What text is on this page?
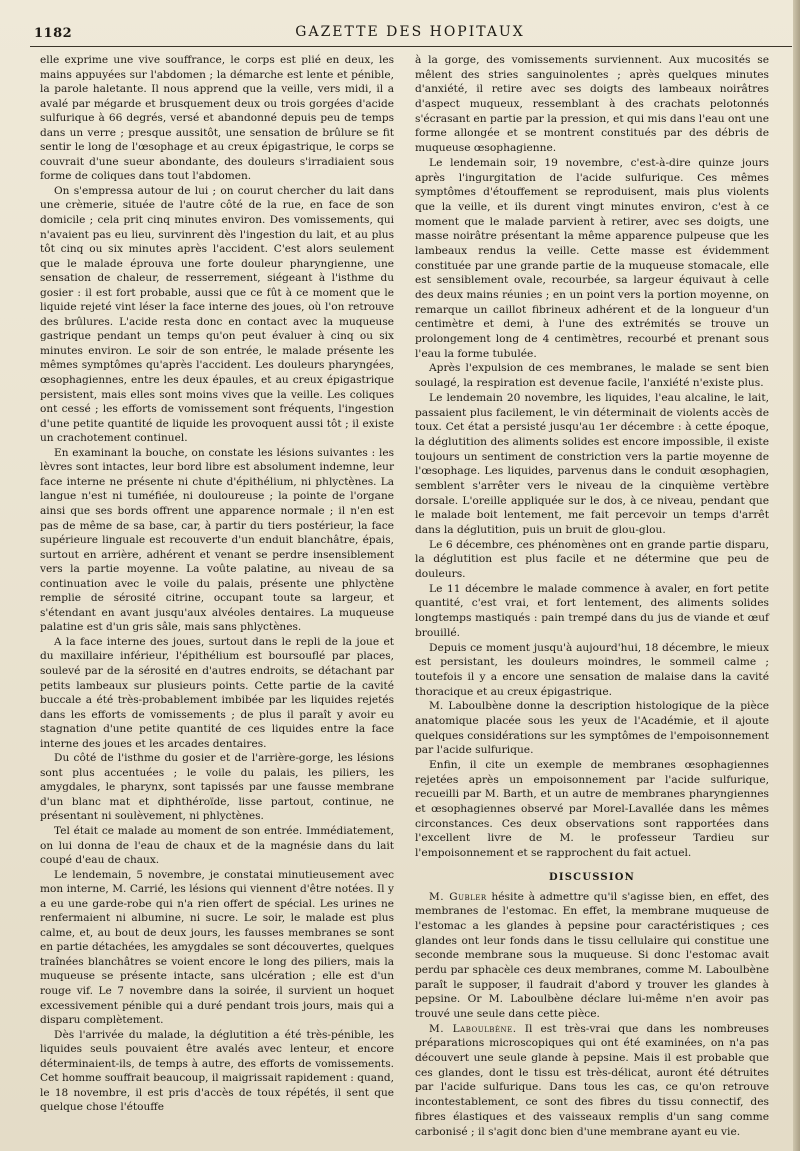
1182	GAZETTE DES HOPITAUX

elle exprime une vive souffrance, le corps est plié en deux, les mains appuyées sur l'abdomen ; la démarche est lente et pénible, la parole haletante. Il nous apprend que la veille, vers midi, il a avalé par mégarde et brusquement deux ou trois gorgées d'acide sulfurique à 66 degrés, versé et abandonné depuis peu de temps dans un verre ; presque aussitôt, une sensation de brûlure se fit sentir le long de l'œsophage et au creux épigastrique, le corps se couvrait d'une sueur abondante, des douleurs s'irradiaient sous forme de coliques dans tout l'abdomen.

On s'empressa autour de lui ; on courut chercher du lait dans une crèmerie, située de l'autre côté de la rue, en face de son domicile ; cela prit cinq minutes environ. Des vomissements, qui n'avaient pas eu lieu, survinrent dès l'ingestion du lait, et au plus tôt cinq ou six minutes après l'accident. C'est alors seulement que le malade éprouva une forte douleur pharyngienne, une sensation de chaleur, de resserrement, siégeant à l'isthme du gosier : il est fort probable, aussi que ce fût à ce moment que le liquide rejeté vint léser la face interne des joues, où l'on retrouve des brûlures. L'acide resta donc en contact avec la muqueuse gastrique pendant un temps qu'on peut évaluer à cinq ou six minutes environ. Le soir de son entrée, le malade présente les mêmes symptômes qu'après l'accident. Les douleurs pharyngées, œsophagiennes, entre les deux épaules, et au creux épigastrique persistent, mais elles sont moins vives que la veille. Les coliques ont cessé ; les efforts de vomissement sont fréquents, l'ingestion d'une petite quantité de liquide les provoquent aussi tôt ; il existe un crachotement continuel.

En examinant la bouche, on constate les lésions suivantes : les lèvres sont intactes, leur bord libre est absolument indemne, leur face interne ne présente ni chute d'épithélium, ni phlyctènes. La langue n'est ni tuméfiée, ni douloureuse ; la pointe de l'organe ainsi que ses bords offrent une apparence normale ; il n'en est pas de même de sa base, car, à partir du tiers postérieur, la face supérieure linguale est recouverte d'un enduit blanchâtre, épais, surtout en arrière, adhérent et venant se perdre insensiblement vers la partie moyenne. La voûte palatine, au niveau de sa continuation avec le voile du palais, présente une phlyctène remplie de sérosité citrine, occupant toute sa largeur, et s'étendant en avant jusqu'aux alvéoles dentaires. La muqueuse palatine est d'un gris sâle, mais sans phlyctènes.

A la face interne des joues, surtout dans le repli de la joue et du maxillaire inférieur, l'épithélium est boursouflé par places, soulevé par de la sérosité en d'autres endroits, se détachant par petits lambeaux sur plusieurs points. Cette partie de la cavité buccale a été très-probablement imbibée par les liquides rejetés dans les efforts de vomissements ; de plus il paraît y avoir eu stagnation d'une petite quantité de ces liquides entre la face interne des joues et les arcades dentaires.

Du côté de l'isthme du gosier et de l'arrière-gorge, les lésions sont plus accentuées ; le voile du palais, les piliers, les amygdales, le pharynx, sont tapissés par une fausse membrane d'un blanc mat et diphthéroïde, lisse partout, continue, ne présentant ni soulèvement, ni phlyctènes.

Tel était ce malade au moment de son entrée. Immédiatement, on lui donna de l'eau de chaux et de la magnésie dans du lait coupé d'eau de chaux.

Le lendemain, 5 novembre, je constatai minutieusement avec mon interne, M. Carrié, les lésions qui viennent d'être notées. Il y a eu une garde-robe qui n'a rien offert de spécial. Les urines ne renfermaient ni albumine, ni sucre. Le soir, le malade est plus calme, et, au bout de deux jours, les fausses membranes se sont en partie détachées, les amygdales se sont découvertes, quelques traînées blanchâtres se voient encore le long des piliers, mais la muqueuse se présente intacte, sans ulcération ; elle est d'un rouge vif. Le 7 novembre dans la soirée, il survient un hoquet excessivement pénible qui a duré pendant trois jours, mais qui a disparu complètement.

Dès l'arrivée du malade, la déglutition a été très-pénible, les liquides seuls pouvaient être avalés avec lenteur, et encore déterminaient-ils, de temps à autre, des efforts de vomissements. Cet homme souffrait beaucoup, il maigrissait rapidement : quand, le 18 novembre, il est pris d'accès de toux répétés, il sent que quelque chose l'étouffe

à la gorge, des vomissements surviennent. Aux mucosités se mêlent des stries sanguinolentes ; après quelques minutes d'anxiété, il retire avec ses doigts des lambeaux noirâtres d'aspect muqueux, ressemblant à des crachats pelotonnés s'écrasant en partie par la pression, et qui mis dans l'eau ont une forme allongée et se montrent constitués par des débris de muqueuse œsophagienne.

Le lendemain soir, 19 novembre, c'est-à-dire quinze jours après l'ingurgitation de l'acide sulfurique. Ces mêmes symptômes d'étouffement se reproduisent, mais plus violents que la veille, et ils durent vingt minutes environ, c'est à ce moment que le malade parvient à retirer, avec ses doigts, une masse noirâtre présentant la même apparence pulpeuse que les lambeaux rendus la veille. Cette masse est évidemment constituée par une grande partie de la muqueuse stomacale, elle est sensiblement ovale, recourbée, sa largeur équivaut à celle des deux mains réunies ; en un point vers la portion moyenne, on remarque un caillot fibrineux adhérent et de la longueur d'un centimètre et demi, à l'une des extrémités se trouve un prolongement long de 4 centimètres, recourbé et prenant sous l'eau la forme tubulée.

Après l'expulsion de ces membranes, le malade se sent bien soulagé, la respiration est devenue facile, l'anxiété n'existe plus.

Le lendemain 20 novembre, les liquides, l'eau alcaline, le lait, passaient plus facilement, le vin déterminait de violents accès de toux. Cet état a persisté jusqu'au 1er décembre : à cette époque, la déglutition des aliments solides est encore impossible, il existe toujours un sentiment de constriction vers la partie moyenne de l'œsophage. Les liquides, parvenus dans le conduit œsophagien, semblent s'arrêter vers le niveau de la cinquième vertèbre dorsale. L'oreille appliquée sur le dos, à ce niveau, pendant que le malade boit lentement, me fait percevoir un temps d'arrêt dans la déglutition, puis un bruit de glou-glou.

Le 6 décembre, ces phénomènes ont en grande partie disparu, la déglutition est plus facile et ne détermine que peu de douleurs.

Le 11 décembre le malade commence à avaler, en fort petite quantité, c'est vrai, et fort lentement, des aliments solides longtemps mastiqués : pain trempé dans du jus de viande et œuf brouillé.

Depuis ce moment jusqu'à aujourd'hui, 18 décembre, le mieux est persistant, les douleurs moindres, le sommeil calme ; toutefois il y a encore une sensation de malaise dans la cavité thoracique et au creux épigastrique.

M. Laboulbène donne la description histologique de la pièce anatomique placée sous les yeux de l'Académie, et il ajoute quelques considérations sur les symptômes de l'empoisonnement par l'acide sulfurique.

Enfin, il cite un exemple de membranes œsophagiennes rejetées après un empoisonnement par l'acide sulfurique, recueilli par M. Barth, et un autre de membranes pharyngiennes et œsophagiennes observé par Morel-Lavallée dans les mêmes circonstances. Ces deux observations sont rapportées dans l'excellent livre de M. le professeur Tardieu sur l'empoisonnement et se rapprochent du fait actuel.

DISCUSSION

M. Gubler hésite à admettre qu'il s'agisse bien, en effet, des membranes de l'estomac. En effet, la membrane muqueuse de l'estomac a les glandes à pepsine pour caractéristiques ; ces glandes ont leur fonds dans le tissu cellulaire qui constitue une seconde membrane sous la muqueuse. Si donc l'estomac avait perdu par sphacèle ces deux membranes, comme M. Laboulbène paraît le supposer, il faudrait d'abord y trouver les glandes à pepsine. Or M. Laboulbène déclare lui-même n'en avoir pas trouvé une seule dans cette pièce.

M. Laboulbène. Il est très-vrai que dans les nombreuses préparations microscopiques qui ont été examinées, on n'a pas découvert une seule glande à pepsine. Mais il est probable que ces glandes, dont le tissu est très-délicat, auront été détruites par l'acide sulfurique. Dans tous les cas, ce qu'on retrouve incontestablement, ce sont des fibres du tissu connectif, des fibres élastiques et des vaisseaux remplis d'un sang comme carbonisé ; il s'agit donc bien d'une membrane ayant eu vie.
